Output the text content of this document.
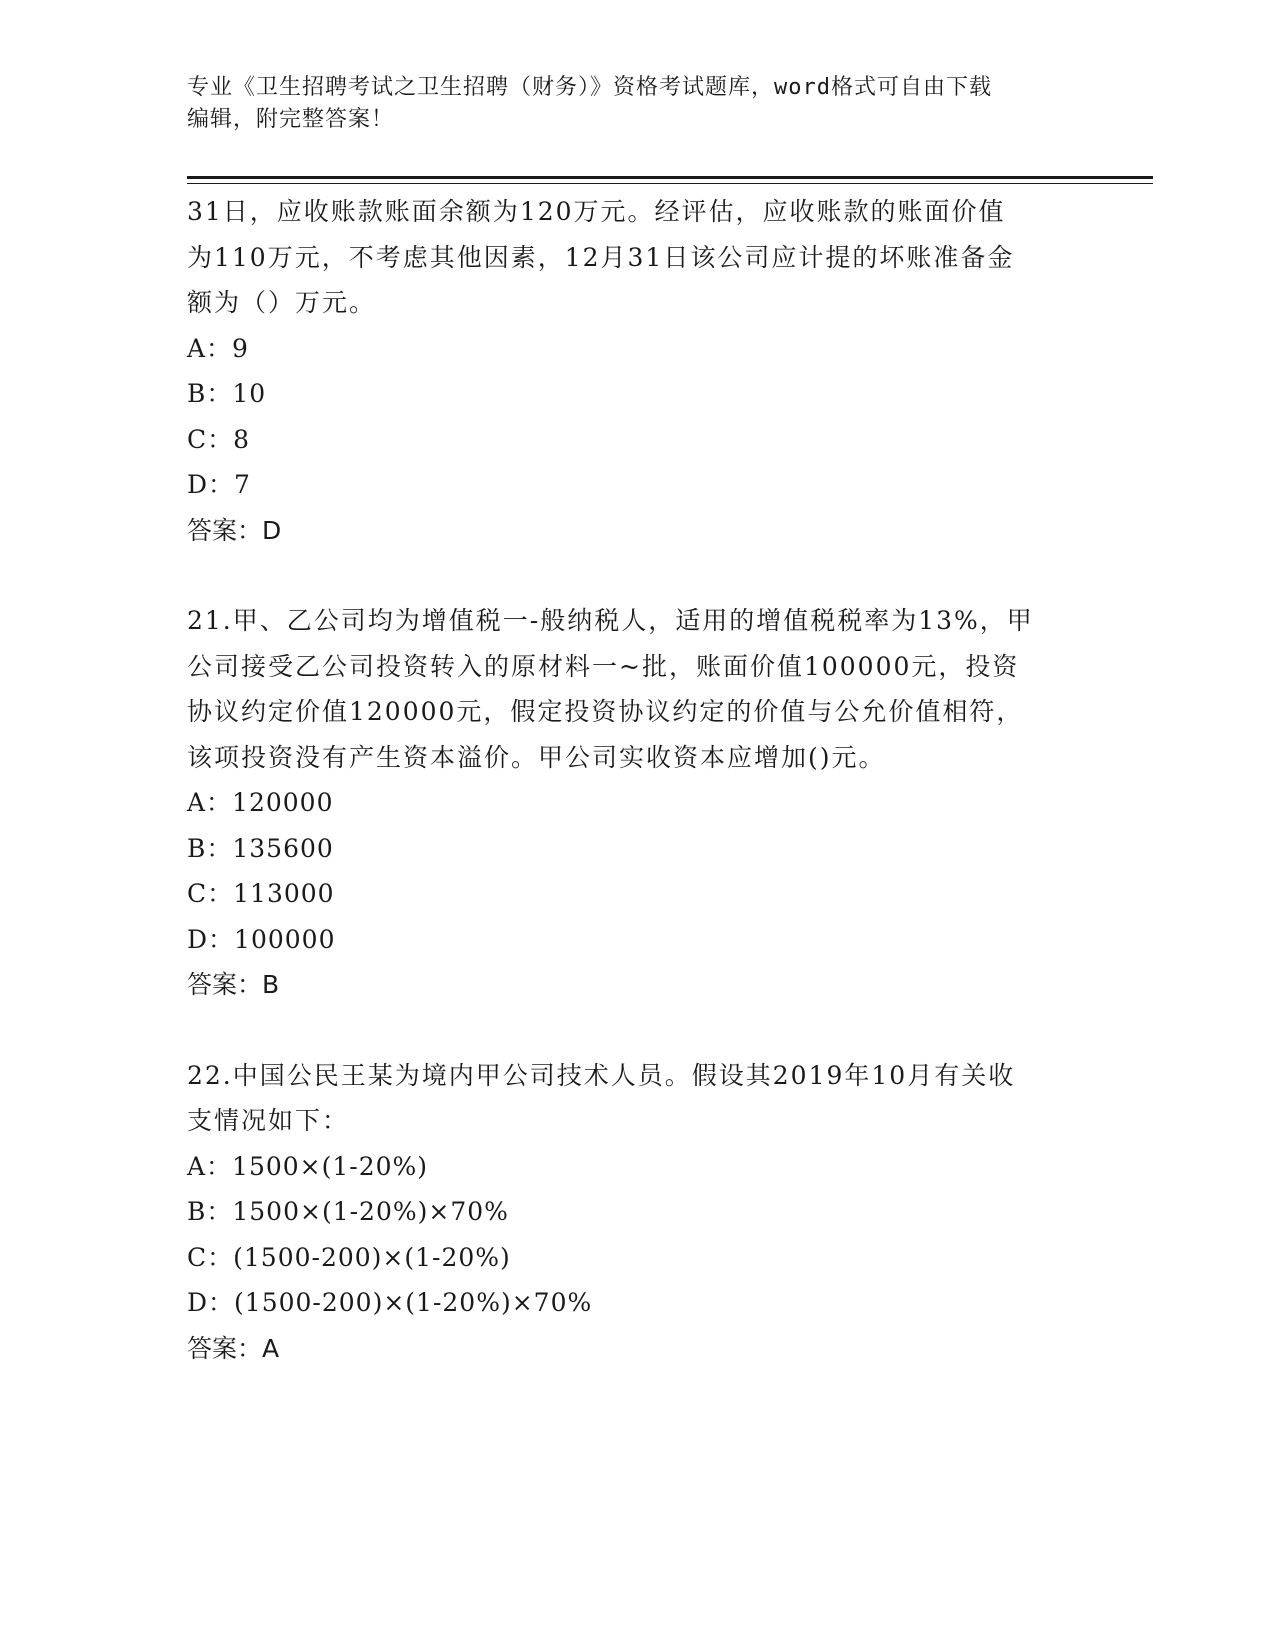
专业《卫生招聘考试之卫生招聘（财务）》资格考试题库，word格式可自由下载
编辑，附完整答案！

31日，应收账款账面余额为120万元。经评估，应收账款的账面价值

为110万元，不考虑其他因素，12月31日该公司应计提的坏账准备金

额为（）万元。

A：9

B：10

C：8

D：7

答案：D

21.甲、乙公司均为增值税一-般纳税人，适用的增值税税率为13%，甲

公司接受乙公司投资转入的原材料一~批，账面价值100000元，投资

协议约定价值120000元，假定投资协议约定的价值与公允价值相符，

该项投资没有产生资本溢价。甲公司实收资本应增加()元。

A：120000

B：135600

C：113000

D：100000

答案：B

22.中国公民王某为境内甲公司技术人员。假设其2019年10月有关收

支情况如下：

A：1500×(1-20%)

B：1500×(1-20%)×70%

C：(1500-200)×(1-20%)

D：(1500-200)×(1-20%)×70%

答案：A
